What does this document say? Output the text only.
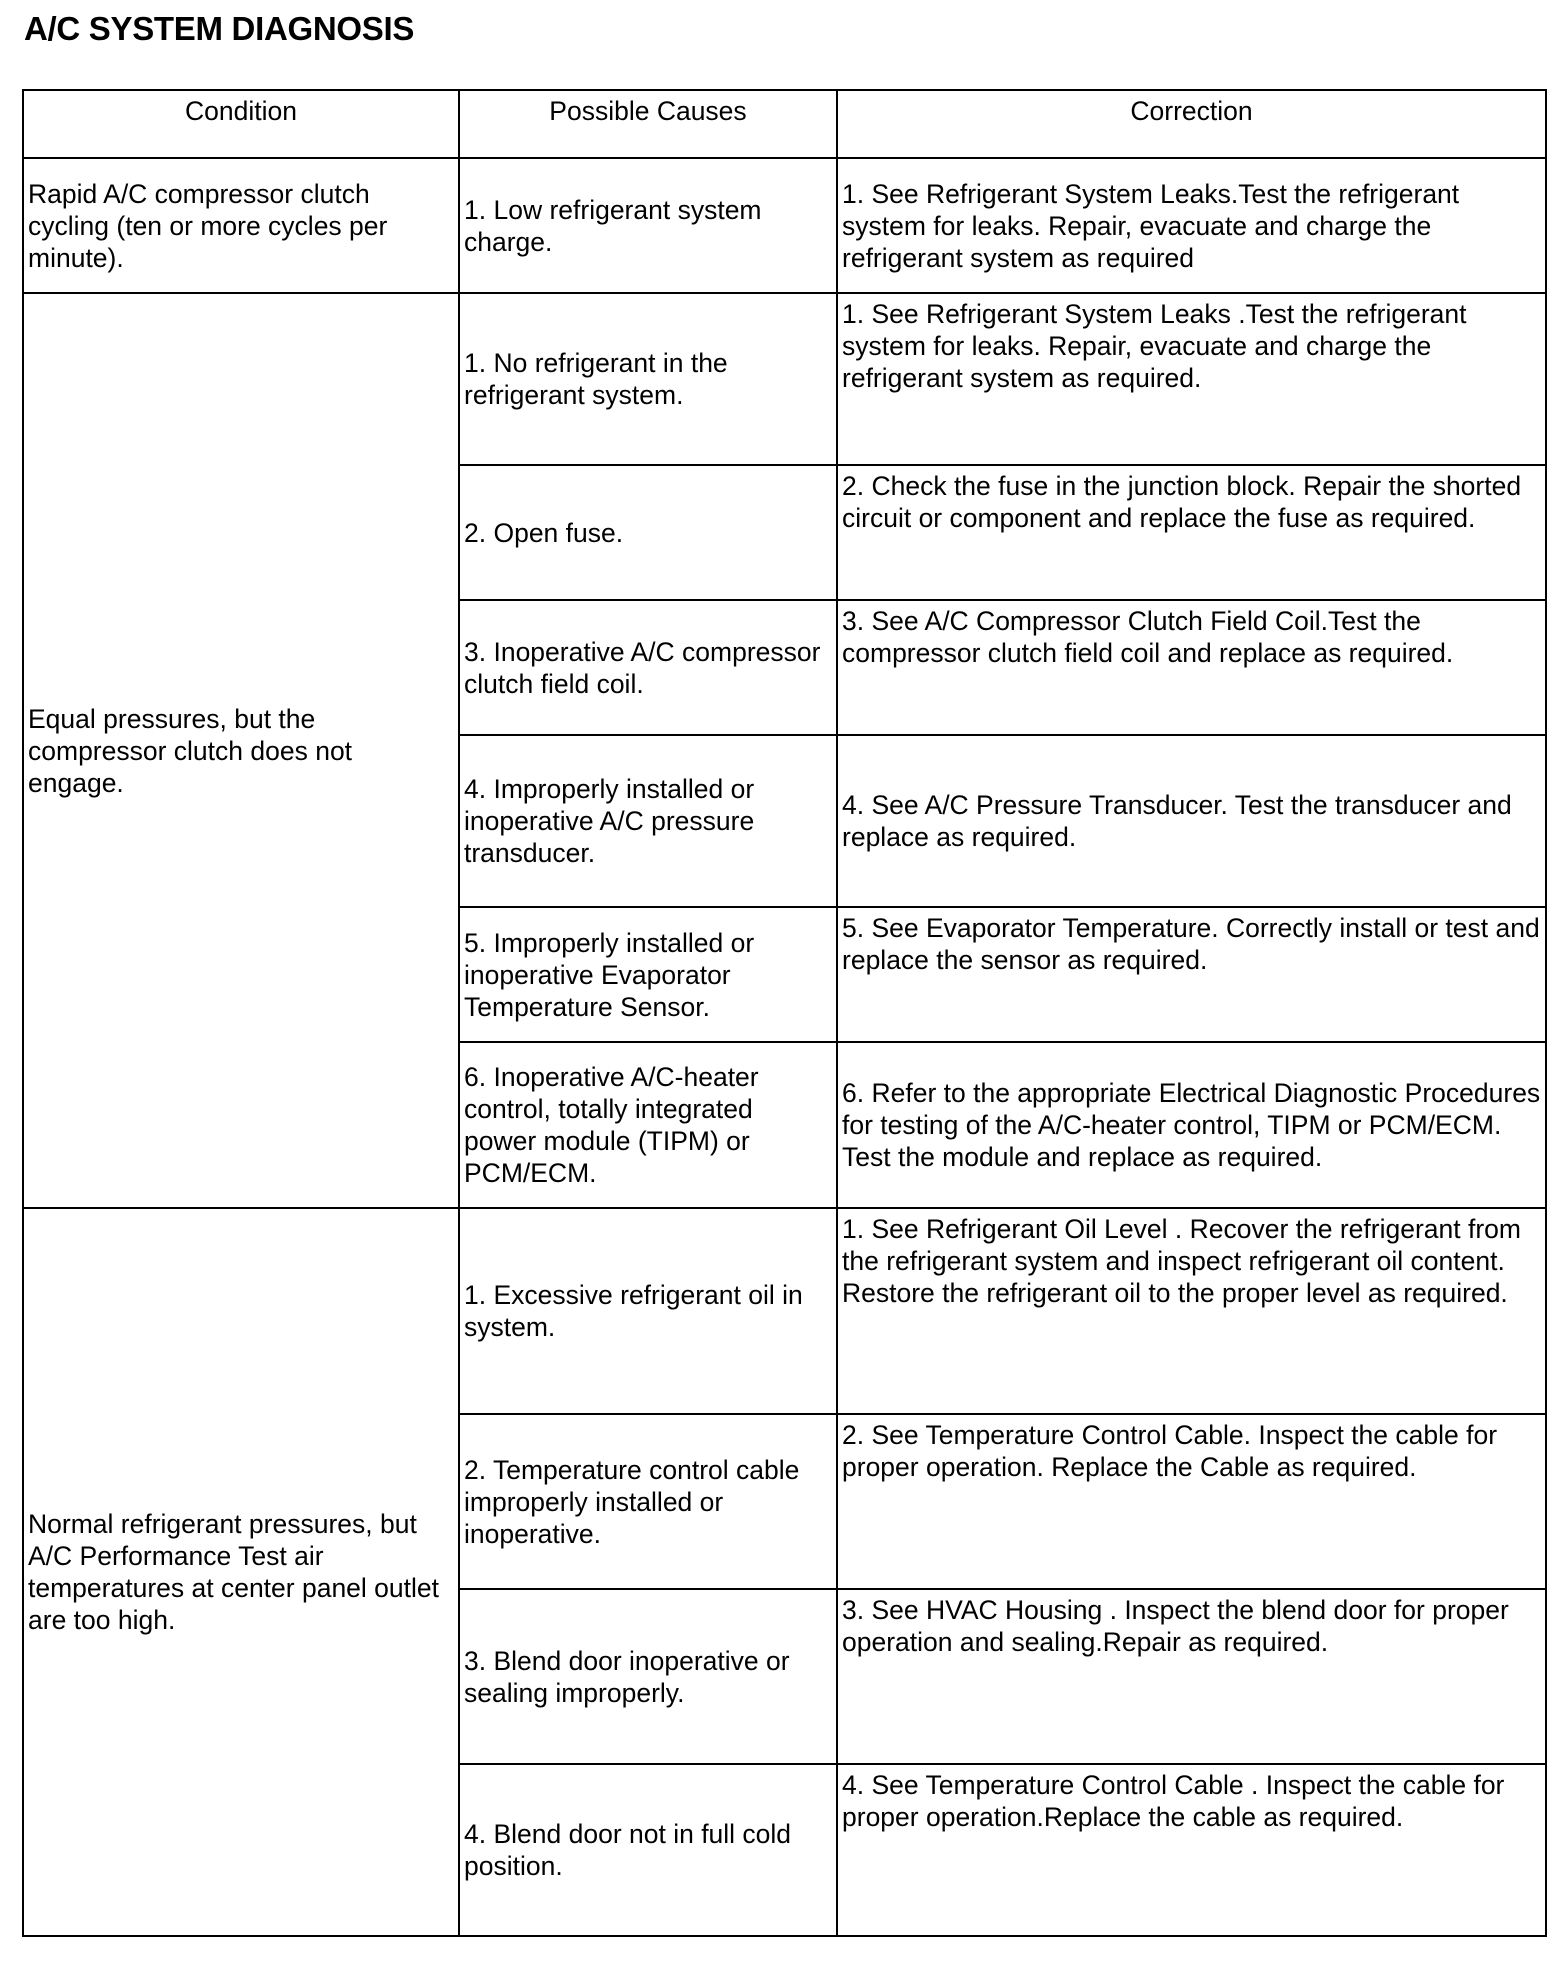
A/C SYSTEM DIAGNOSIS
Condition	Possible Causes	Correction
Rapid A/C compressor clutch cycling (ten or more cycles per minute).	1. Low refrigerant system charge.	1. See Refrigerant System Leaks.Test the refrigerant system for leaks. Repair, evacuate and charge the refrigerant system as required
Equal pressures, but the compressor clutch does not engage.	1. No refrigerant in the refrigerant system.	1. See Refrigerant System Leaks .Test the refrigerant system for leaks. Repair, evacuate and charge the refrigerant system as required.
	2. Open fuse.	2. Check the fuse in the junction block. Repair the shorted circuit or component and replace the fuse as required.
	3. Inoperative A/C compressor clutch field coil.	3. See A/C Compressor Clutch Field Coil.Test the compressor clutch field coil and replace as required.
	4. Improperly installed or inoperative A/C pressure transducer.	4. See A/C Pressure Transducer. Test the transducer and replace as required.
	5. Improperly installed or inoperative Evaporator Temperature Sensor.	5. See Evaporator Temperature. Correctly install or test and replace the sensor as required.
	6. Inoperative A/C-heater control, totally integrated power module (TIPM) or PCM/ECM.	6. Refer to the appropriate Electrical Diagnostic Procedures for testing of the A/C-heater control, TIPM or PCM/ECM. Test the module and replace as required.
Normal refrigerant pressures, but A/C Performance Test air temperatures at center panel outlet are too high.	1. Excessive refrigerant oil in system.	1. See Refrigerant Oil Level . Recover the refrigerant from the refrigerant system and inspect refrigerant oil content. Restore the refrigerant oil to the proper level as required.
	2. Temperature control cable improperly installed or inoperative.	2. See Temperature Control Cable. Inspect the cable for proper operation. Replace the Cable as required.
	3. Blend door inoperative or sealing improperly.	3. See HVAC Housing . Inspect the blend door for proper operation and sealing.Repair as required.
	4. Blend door not in full cold position.	4. See Temperature Control Cable . Inspect the cable for proper operation.Replace the cable as required.
